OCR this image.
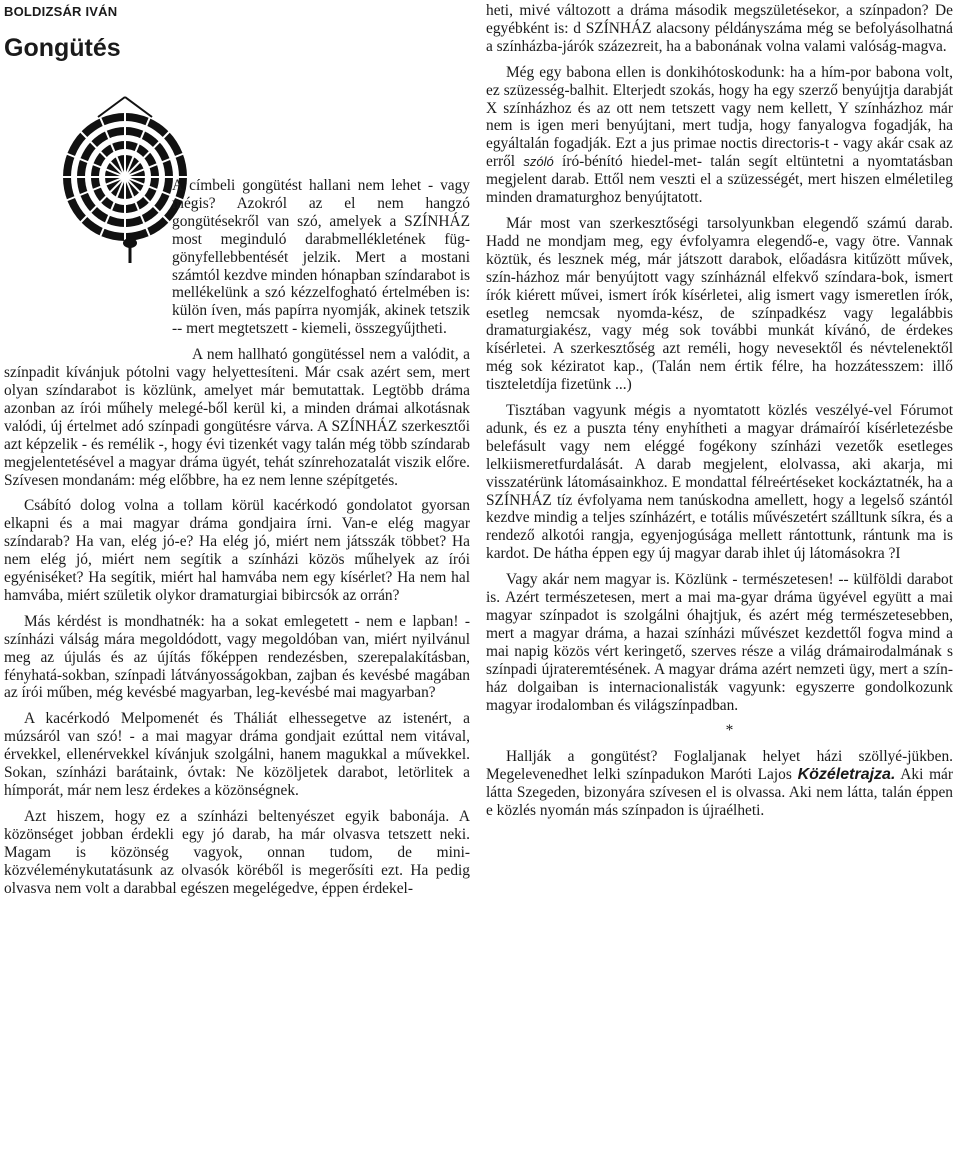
BOLDIZSÁR IVÁN
Gongütés

A címbeli gongütést hallani nem lehet - vagy mégis? Azokról az el nem hangzó gongütésekről van szó, amelyek a SZÍNHÁZ most meginduló darabmellékletének füg-gönyfellebbentését jelzik. Mert a mostani számtól kezdve minden hónapban színdarabot is mellékelünk a szó kézzelfogható értelmében is: külön íven, más papírra nyomják, akinek tetszik -- mert megtetszett - kiemeli, összegyűjtheti.

A nem hallható gongütéssel nem a valódit, a színpadit kívánjuk pótolni vagy helyettesíteni. Már csak azért sem, mert olyan színdarabot is közlünk, amelyet már bemutattak. Legtöbb dráma azonban az írói műhely melegé-ből kerül ki, a minden drámai alkotásnak valódi, új értelmet adó színpadi gongütésre várva. A SZÍNHÁZ szerkesztői azt képzelik - és remélik -, hogy évi tizenkét vagy talán még több színdarab megjelentetésével a magyar dráma ügyét, tehát színrehozatalát viszik előre. Szívesen mondanám: még előbbre, ha ez nem lenne szépítgetés.

Csábító dolog volna a tollam körül kacérkodó gondolatot gyorsan elkapni és a mai magyar dráma gondjaira írni. Van-e elég magyar színdarab? Ha van, elég jó-e? Ha elég jó, miért nem játsszák többet? Ha nem elég jó, miért nem segítik a színházi közös műhelyek az írói egyéniséket? Ha segítik, miért hal hamvába nem egy kísérlet? Ha nem hal hamvába, miért születik olykor dramaturgiai bibircsók az orrán?

Más kérdést is mondhatnék: ha a sokat emlegetett - nem e lapban! - színházi válság mára megoldódott, vagy megoldóban van, miért nyilvánul meg az újulás és az újítás főképpen rendezésben, szerepalakításban, fényhatá-sokban, színpadi látványosságokban, zajban és kevésbé magában az írói műben, még kevésbé magyarban, leg-kevésbé mai magyarban?

A kacérkodó Melpomenét és Tháliát elhessegetve az istenért, a múzsáról van szó! - a mai magyar dráma gondjait ezúttal nem vitával, érvekkel, ellenérvekkel kívánjuk szolgálni, hanem magukkal a művekkel. Sokan, színházi barátaink, óvtak: Ne közöljetek darabot, letörlitek a hímporát, már nem lesz érdekes a közönségnek.

Azt hiszem, hogy ez a színházi beltenyészet egyik babonája. A közönséget jobban érdekli egy jó darab, ha már olvasva tetszett neki. Magam is közönség vagyok, onnan tudom, de mini-közvéleménykutatásunk az olvasók köréből is megerősíti ezt. Ha pedig olvasva nem volt a darabbal egészen megelégedve, éppen érdekel-

heti, mivé változott a dráma második megszületésekor, a színpadon? De egyébként is: d SZÍNHÁZ alacsony példányszáma még se befolyásolhatná a színházba-járók százezreit, ha a babonának volna valami valóság-magva.

Még egy babona ellen is donkihótoskodunk: ha a hím-por babona volt, ez szüzesség-balhit. Elterjedt szokás, hogy ha egy szerző benyújtja darabját X színházhoz és az ott nem tetszett vagy nem kellett, Y színházhoz már nem is igen meri benyújtani, mert tudja, hogy fanyalogva fogadják, ha egyáltalán fogadják. Ezt a jus primae noctis directoris-t - vagy akár csak az erről szóló író-bénító hiedel-met- talán segít eltüntetni a nyomtatásban megjelent darab. Ettől nem veszti el a szüzességét, mert hiszen elméletileg minden dramaturghoz benyújtatott.

Már most van szerkesztőségi tarsolyunkban elegendő számú darab. Hadd ne mondjam meg, egy évfolyamra elegendő-e, vagy ötre. Vannak köztük, és lesznek még, már játszott darabok, előadásra kitűzött művek, szín-házhoz már benyújtott vagy színháznál elfekvő színdara-bok, ismert írók kiérett művei, ismert írók kísérletei, alig ismert vagy ismeretlen írók, esetleg nemcsak nyomda-kész, de színpadkész vagy legalábbis dramaturgiakész, vagy még sok további munkát kívánó, de érdekes kísérletei. A szerkesztőség azt reméli, hogy nevesektől és névtelenektől még sok kéziratot kap., (Talán nem értik félre, ha hozzátesszem: illő tiszteletdíja fizetünk ...)

Tisztában vagyunk mégis a nyomtatott közlés veszélyé-vel Fórumot adunk, és ez a puszta tény enyhítheti a magyar drámaíróí kísérletezésbe belefásult vagy nem eléggé fogékony színházi vezetők esetleges lelkiismeretfurdalását. A darab megjelent, elolvassa, aki akarja, mi visszatérünk látomásainkhoz. E mondattal félreértéseket kockáztatnék, ha a SZÍNHÁZ tíz évfolyama nem tanúskodna amellett, hogy a legelső szántól kezdve mindig a teljes színházért, e totális művészetért szálltunk síkra, és a rendező alkotói rangja, egyenjogúsága mellett rántottunk, rántunk ma is kardot. De hátha éppen egy új magyar darab ihlet új látomásokra ?I

Vagy akár nem magyar is. Közlünk - természetesen! -- külföldi darabot is. Azért természetesen, mert a mai ma-gyar dráma ügyével együtt a mai magyar színpadot is szolgálni óhajtjuk, és azért még természetesebben, mert a magyar dráma, a hazai színházi művészet kezdettől fogva mind a mai napig közös vért keringető, szerves része a világ drámairodalmának s színpadi újrateremtésének. A magyar dráma azért nemzeti ügy, mert a szín-ház dolgaiban is internacionalisták vagyunk: egyszerre gondolkozunk magyar irodalomban és világszínpadban.

*

Hallják a gongütést? Foglaljanak helyet házi szöllyé-jükben. Megelevenedhet lelki színpadukon Maróti Lajos Közéletrajza. Aki már látta Szegeden, bizonyára szívesen el is olvassa. Aki nem látta, talán éppen e közlés nyomán más színpadon is újraélheti.
